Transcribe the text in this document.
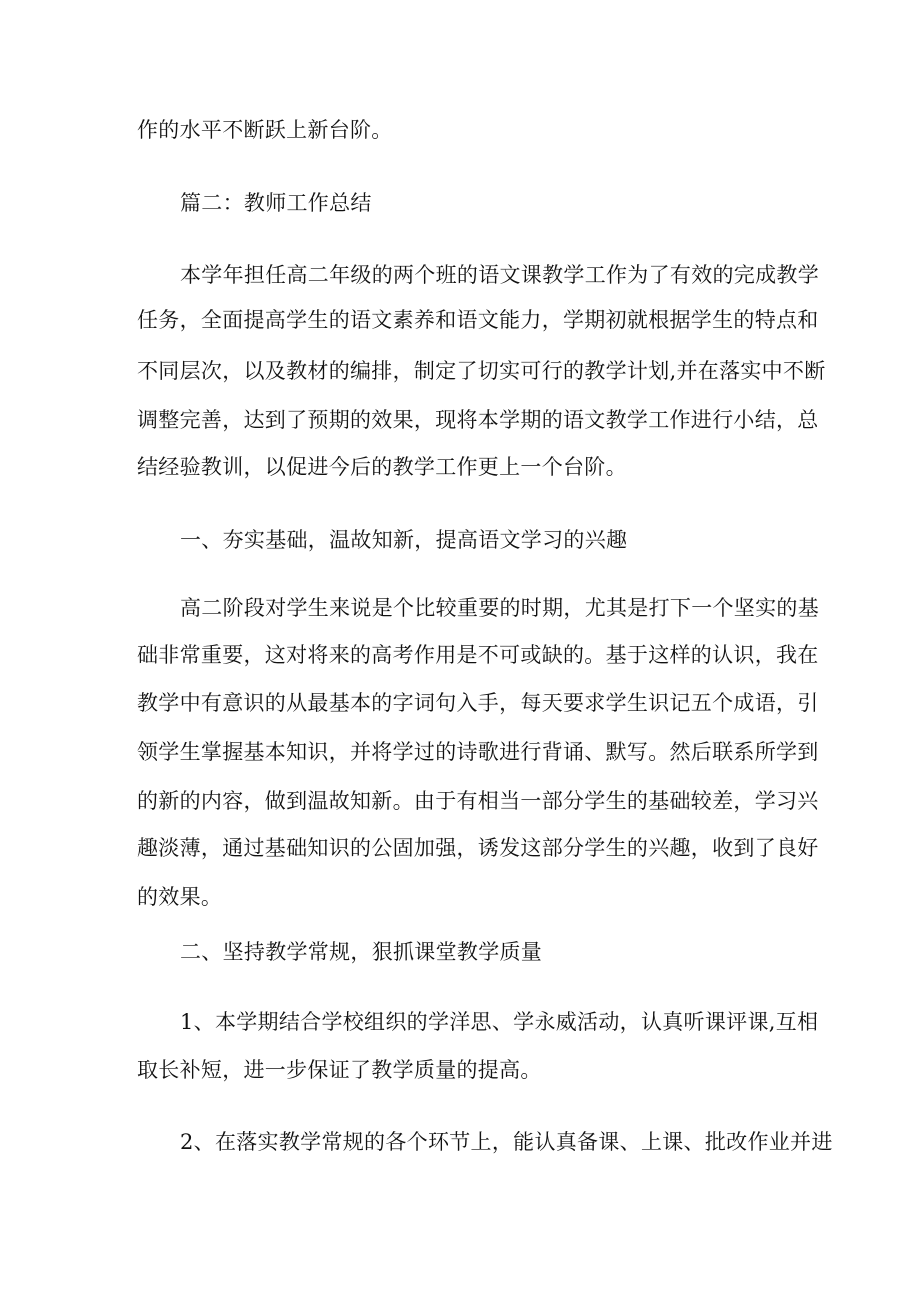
作的水平不断跃上新台阶。
篇二：教师工作总结
本学年担任高二年级的两个班的语文课教学工作为了有效的完成教学
任务，全面提高学生的语文素养和语文能力，学期初就根据学生的特点和
不同层次，以及教材的编排，制定了切实可行的教学计划,并在落实中不断
调整完善，达到了预期的效果，现将本学期的语文教学工作进行小结，总
结经验教训，以促进今后的教学工作更上一个台阶。
一、夯实基础，温故知新，提高语文学习的兴趣
高二阶段对学生来说是个比较重要的时期，尤其是打下一个坚实的基
础非常重要，这对将来的高考作用是不可或缺的。基于这样的认识，我在
教学中有意识的从最基本的字词句入手，每天要求学生识记五个成语，引
领学生掌握基本知识，并将学过的诗歌进行背诵、默写。然后联系所学到
的新的内容，做到温故知新。由于有相当一部分学生的基础较差，学习兴
趣淡薄，通过基础知识的公固加强，诱发这部分学生的兴趣，收到了良好
的效果。
二、坚持教学常规，狠抓课堂教学质量
1、本学期结合学校组织的学洋思、学永威活动，认真听课评课,互相
取长补短，进一步保证了教学质量的提高。
2、在落实教学常规的各个环节上，能认真备课、上课、批改作业并进
